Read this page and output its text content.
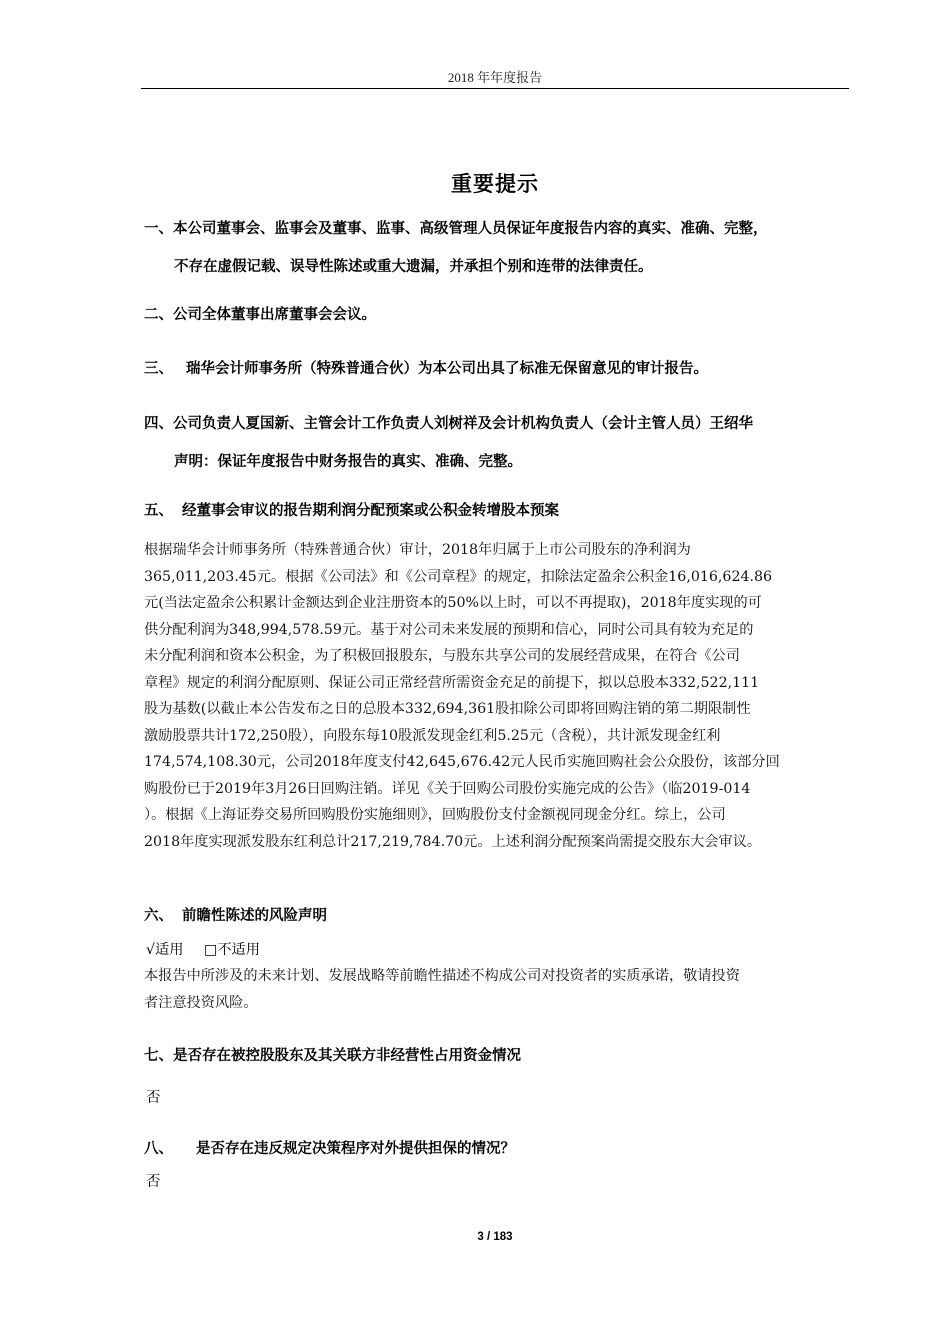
2018 年年度报告
重要提示
一、本公司董事会、监事会及董事、监事、高级管理人员保证年度报告内容的真实、准确、完整，
不存在虚假记载、误导性陈述或重大遗漏，并承担个别和连带的法律责任。
二、公司全体董事出席董事会会议。
三、 瑞华会计师事务所（特殊普通合伙）为本公司出具了标准无保留意见的审计报告。
四、公司负责人夏国新、主管会计工作负责人刘树祥及会计机构负责人（会计主管人员）王绍华
声明：保证年度报告中财务报告的真实、准确、完整。
五、 经董事会审议的报告期利润分配预案或公积金转增股本预案
根据瑞华会计师事务所（特殊普通合伙）审计，2018年归属于上市公司股东的净利润为
365,011,203.45元。根据《公司法》和《公司章程》的规定，扣除法定盈余公积金16,016,624.86
元(当法定盈余公积累计金额达到企业注册资本的50%以上时，可以不再提取)，2018年度实现的可
供分配利润为348,994,578.59元。基于对公司未来发展的预期和信心，同时公司具有较为充足的
未分配利润和资本公积金，为了积极回报股东，与股东共享公司的发展经营成果，在符合《公司
章程》规定的利润分配原则、保证公司正常经营所需资金充足的前提下，拟以总股本332,522,111
股为基数(以截止本公告发布之日的总股本332,694,361股扣除公司即将回购注销的第二期限制性
激励股票共计172,250股），向股东每10股派发现金红利5.25元（含税），共计派发现金红利
174,574,108.30元，公司2018年度支付42,645,676.42元人民币实施回购社会公众股份，该部分回
购股份已于2019年3月26日回购注销。详见《关于回购公司股份实施完成的公告》（临2019-014
）。根据《上海证券交易所回购股份实施细则》，回购股份支付金额视同现金分红。综上，公司
2018年度实现派发股东红利总计217,219,784.70元。上述利润分配预案尚需提交股东大会审议。
六、 前瞻性陈述的风险声明
√适用 □不适用
本报告中所涉及的未来计划、发展战略等前瞻性描述不构成公司对投资者的实质承诺，敬请投资
者注意投资风险。
七、是否存在被控股股东及其关联方非经营性占用资金情况
否
八、 是否存在违反规定决策程序对外提供担保的情况？
否
3 / 183
